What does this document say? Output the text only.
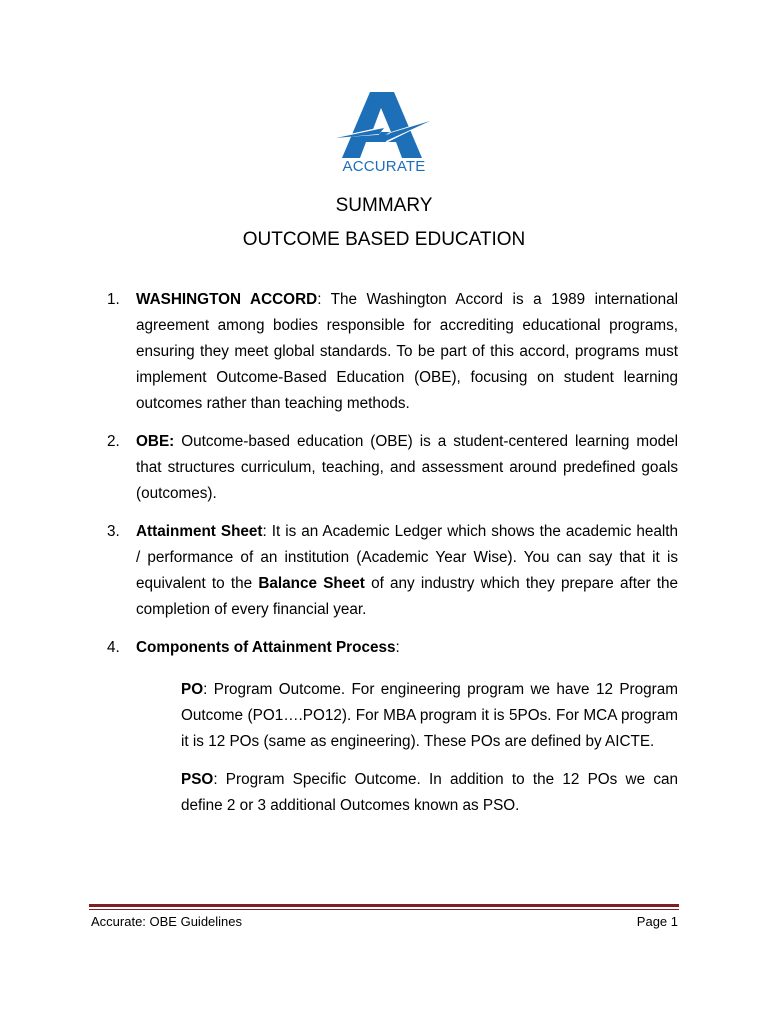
ACCURATE
SUMMARY
OUTCOME BASED EDUCATION
1. WASHINGTON ACCORD: The Washington Accord is a 1989 international agreement among bodies responsible for accrediting educational programs, ensuring they meet global standards. To be part of this accord, programs must implement Outcome-Based Education (OBE), focusing on student learning outcomes rather than teaching methods.
2. OBE: Outcome-based education (OBE) is a student-centered learning model that structures curriculum, teaching, and assessment around predefined goals (outcomes).
3. Attainment Sheet: It is an Academic Ledger which shows the academic health / performance of an institution (Academic Year Wise). You can say that it is equivalent to the Balance Sheet of any industry which they prepare after the completion of every financial year.
4. Components of Attainment Process:
PO: Program Outcome. For engineering program we have 12 Program Outcome (PO1….PO12). For MBA program it is 5POs. For MCA program it is 12 POs (same as engineering). These POs are defined by AICTE.
PSO: Program Specific Outcome. In addition to the 12 POs we can define 2 or 3 additional Outcomes known as PSO.
Accurate: OBE Guidelines	Page 1
